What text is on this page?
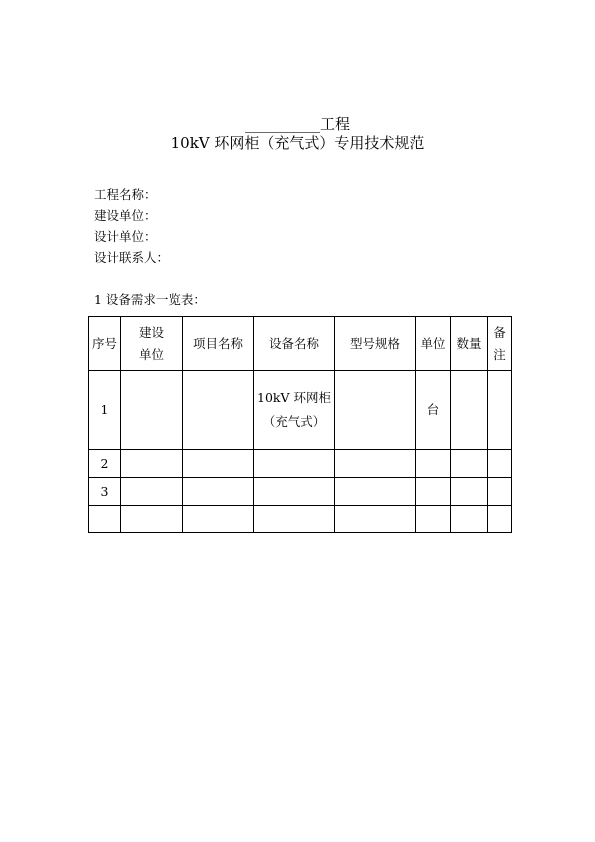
__________工程
10kV 环网柜（充气式）专用技术规范
工程名称：
建设单位：
设计单位：
设计联系人：
1 设备需求一览表：
序号	建设单位	项目名称	设备名称	型号规格	单位	数量	备注
1			10kV 环网柜（充气式）		台		
2							
3							
